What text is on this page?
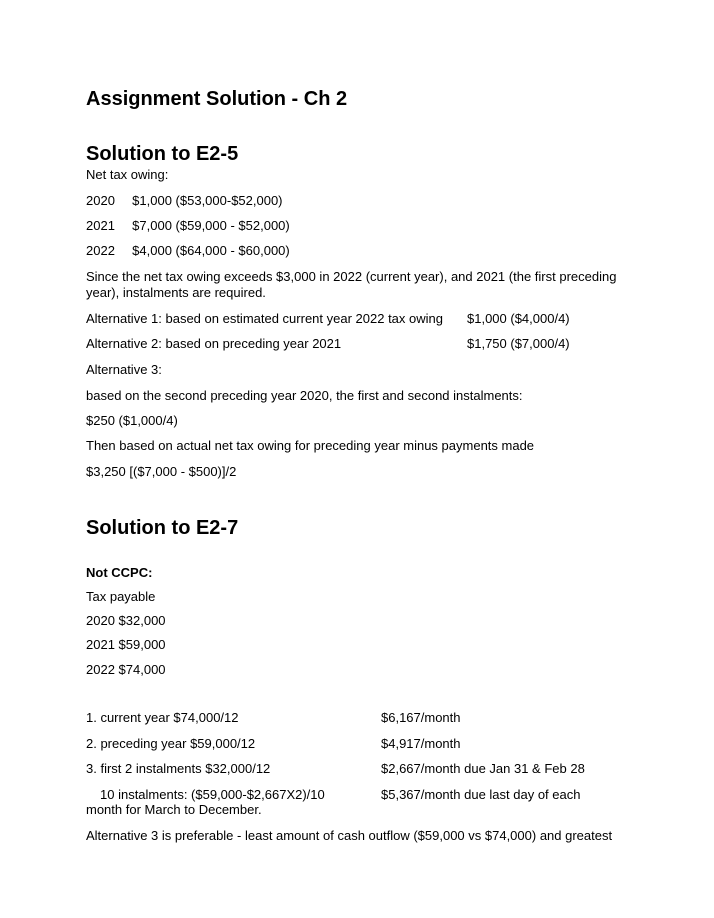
Assignment Solution - Ch 2
Solution to E2-5
Net tax owing:
2020 $1,000 ($53,000-$52,000)
2021 $7,000 ($59,000 - $52,000)
2022 $4,000 ($64,000 - $60,000)
Since the net tax owing exceeds $3,000 in 2022 (current year), and 2021 (the first preceding year), instalments are required.
Alternative 1: based on estimated current year 2022 tax owing $1,000 ($4,000/4)
Alternative 2: based on preceding year 2021	$1,750 ($7,000/4)
Alternative 3:
based on the second preceding year 2020, the first and second instalments:
$250 ($1,000/4)
Then based on actual net tax owing for preceding year minus payments made
$3,250 [($7,000 - $500)]/2
Solution to E2-7
Not CCPC:
Tax payable
2020 $32,000
2021 $59,000
2022 $74,000
1. current year $74,000/12	$6,167/month
2. preceding year $59,000/12	$4,917/month
3. first 2 instalments $32,000/12	$2,667/month due Jan 31 & Feb 28
10 instalments: ($59,000-$2,667X2)/10	$5,367/month due last day of each
month for March to December.
Alternative 3 is preferable - least amount of cash outflow ($59,000 vs $74,000) and greatest
